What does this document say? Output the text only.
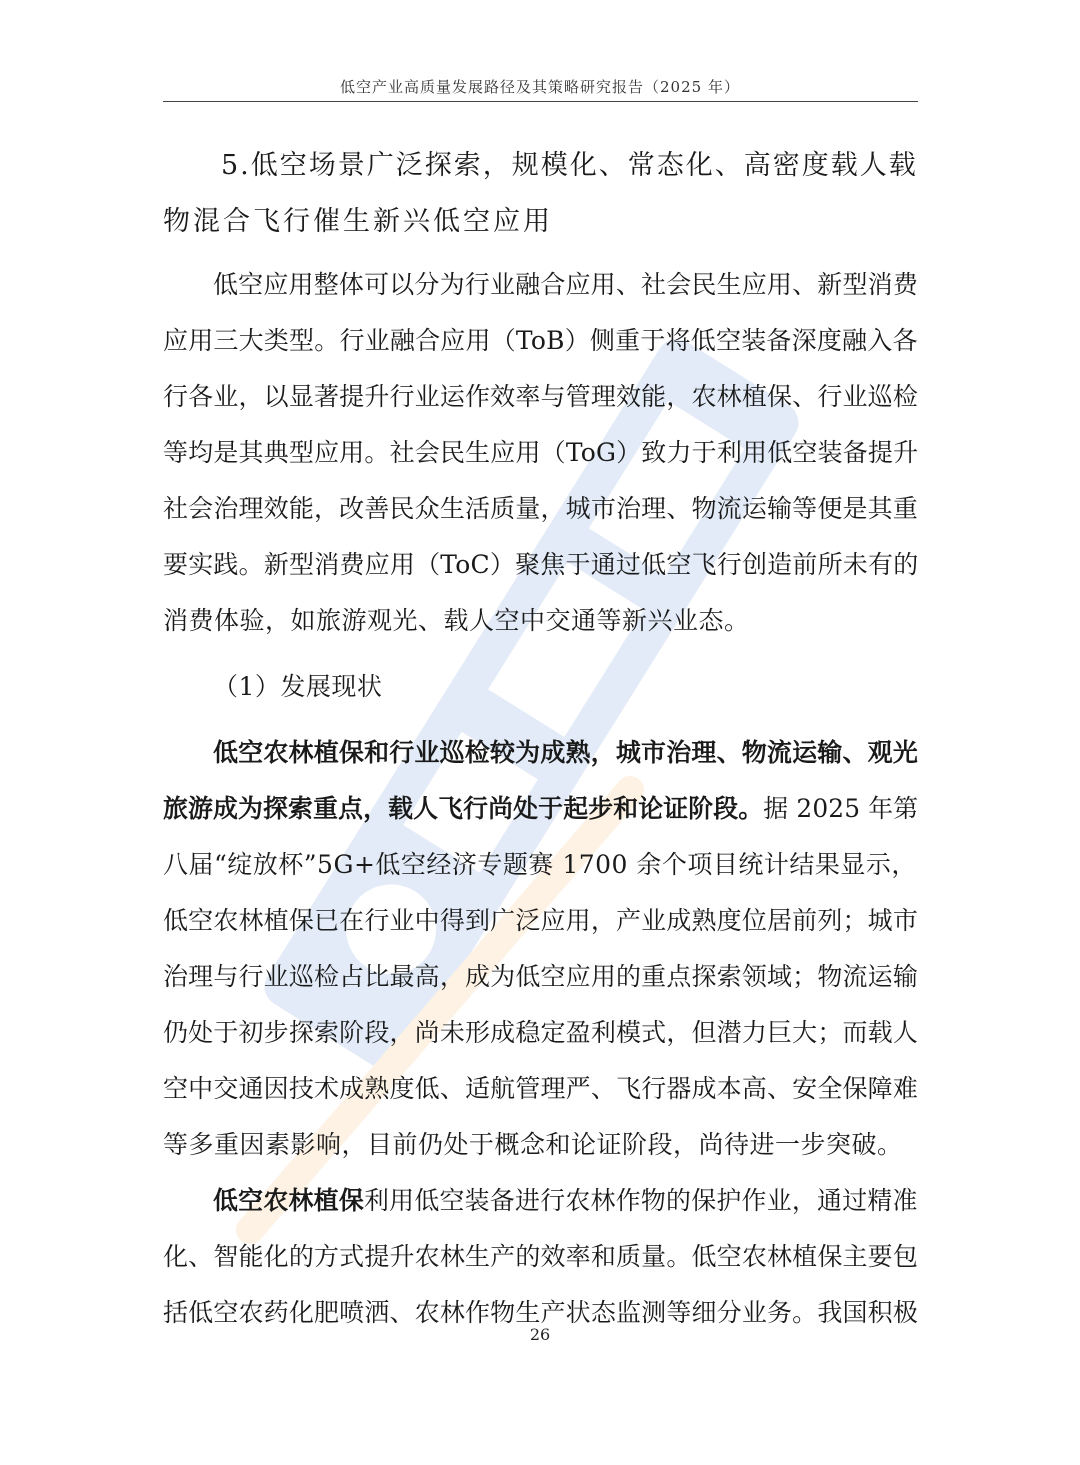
低空产业高质量发展路径及其策略研究报告（2025 年）
5.低空场景广泛探索，规模化、常态化、高密度载人载
物混合飞行催生新兴低空应用
低空应用整体可以分为行业融合应用、社会民生应用、新型消费
应用三大类型。行业融合应用（ToB）侧重于将低空装备深度融入各
行各业，以显著提升行业运作效率与管理效能，农林植保、行业巡检
等均是其典型应用。社会民生应用（ToG）致力于利用低空装备提升
社会治理效能，改善民众生活质量，城市治理、物流运输等便是其重
要实践。新型消费应用（ToC）聚焦于通过低空飞行创造前所未有的
消费体验，如旅游观光、载人空中交通等新兴业态。
（1）发展现状
低空农林植保和行业巡检较为成熟，城市治理、物流运输、观光
旅游成为探索重点，载人飞行尚处于起步和论证阶段。据 2025 年第
八届“绽放杯”5G+低空经济专题赛 1700 余个项目统计结果显示，
低空农林植保已在行业中得到广泛应用，产业成熟度位居前列；城市
治理与行业巡检占比最高，成为低空应用的重点探索领域；物流运输
仍处于初步探索阶段，尚未形成稳定盈利模式，但潜力巨大；而载人
空中交通因技术成熟度低、适航管理严、飞行器成本高、安全保障难
等多重因素影响，目前仍处于概念和论证阶段，尚待进一步突破。
低空农林植保利用低空装备进行农林作物的保护作业，通过精准
化、智能化的方式提升农林生产的效率和质量。低空农林植保主要包
括低空农药化肥喷洒、农林作物生产状态监测等细分业务。我国积极
26
